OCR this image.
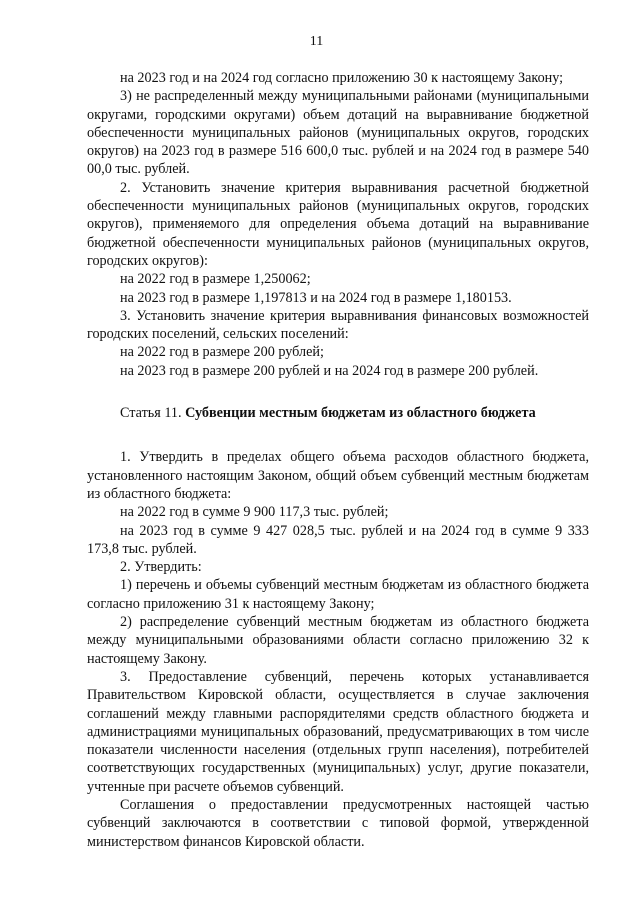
11

на 2023 год и на 2024 год согласно приложению 30 к настоящему Закону;

3) не распределенный между муниципальными районами (муниципальными округами, городскими округами) объем дотаций на выравнивание бюджетной обеспеченности муниципальных районов (муниципальных округов, городских округов) на 2023 год в размере 516 600,0 тыс. рублей и на 2024 год в размере 540 00,0 тыс. рублей.

2. Установить значение критерия выравнивания расчетной бюджетной обеспеченности муниципальных районов (муниципальных округов, городских округов), применяемого для определения объема дотаций на выравнивание бюджетной обеспеченности муниципальных районов (муниципальных округов, городских округов):

на 2022 год в размере 1,250062;

на 2023 год в размере 1,197813 и на 2024 год в размере 1,180153.

3. Установить значение критерия выравнивания финансовых возможностей городских поселений, сельских поселений:

на 2022 год в размере 200 рублей;

на 2023 год в размере 200 рублей и на 2024 год в размере 200 рублей.

Статья 11. Субвенции местным бюджетам из областного бюджета

1. Утвердить в пределах общего объема расходов областного бюджета, установленного настоящим Законом, общий объем субвенций местным бюджетам из областного бюджета:

на 2022 год в сумме 9 900 117,3 тыс. рублей;

на 2023 год в сумме 9 427 028,5 тыс. рублей и на 2024 год в сумме 9 333 173,8 тыс. рублей.

2. Утвердить:

1) перечень и объемы субвенций местным бюджетам из областного бюджета согласно приложению 31 к настоящему Закону;

2) распределение субвенций местным бюджетам из областного бюджета между муниципальными образованиями области согласно приложению 32 к настоящему Закону.

3. Предоставление субвенций, перечень которых устанавливается Правительством Кировской области, осуществляется в случае заключения соглашений между главными распорядителями средств областного бюджета и администрациями муниципальных образований, предусматривающих в том числе показатели численности населения (отдельных групп населения), потребителей соответствующих государственных (муниципальных) услуг, другие показатели, учтенные при расчете объемов субвенций.

Соглашения о предоставлении предусмотренных настоящей частью субвенций заключаются в соответствии с типовой формой, утвержденной министерством финансов Кировской области.
